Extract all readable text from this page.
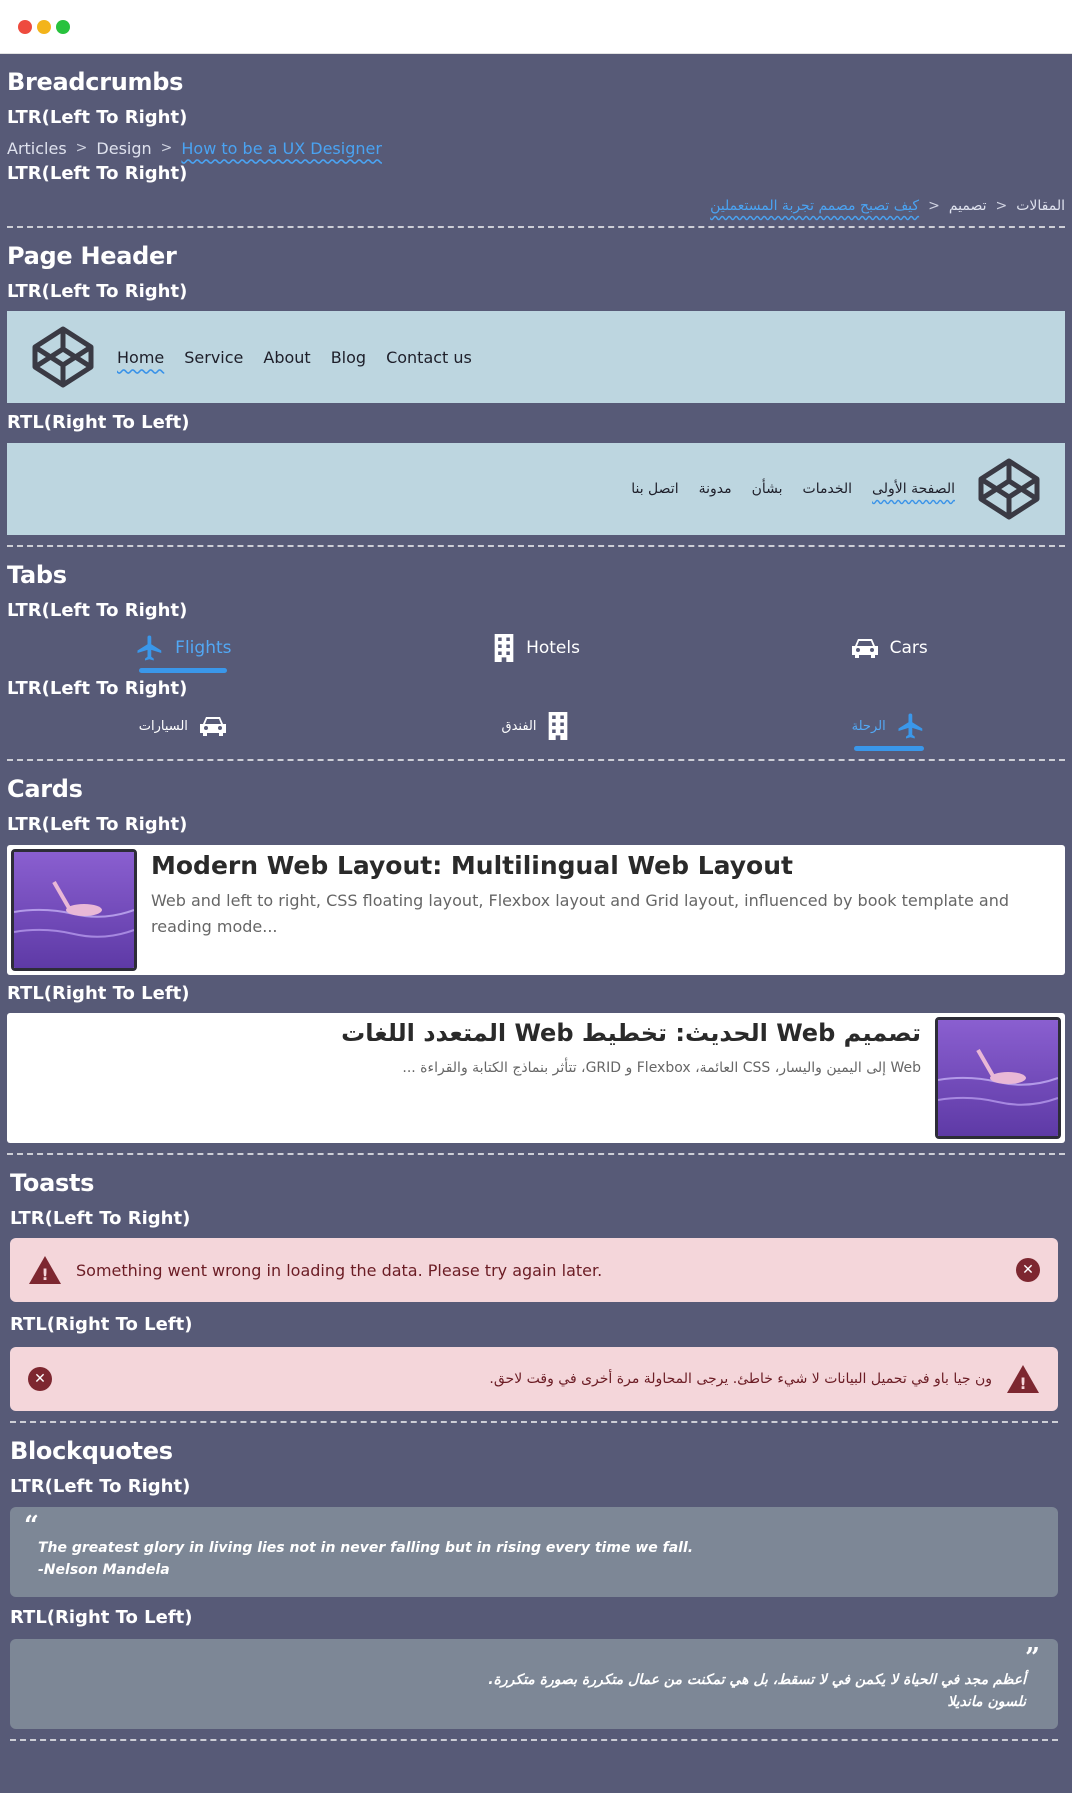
Breadcrumbs

LTR(Left To Right)

Articles > Design > How to be a UX Designer

LTR(Left To Right)

المقالات
<
تصميم
<
كيف تصبح مصمم تجربة المستعملين
Page Header

LTR(Left To Right)

Home Service About Blog Contact us

RTL(Right To Left)

الصفحة الأولى
الخدمات
بشأن
مدونة
اتصل بنا
Tabs

LTR(Left To Right)

Flights	Hotels	Cars

LTR(Left To Right)

الرحلة
الفندق
السيارات
Cards

LTR(Left To Right)

Modern Web Layout: Multilingual Web Layout

Web and left to right, CSS floating layout, Flexbox layout and Grid layout, influenced by book template and reading mode...

RTL(Right To Left)

تصميم Web الحديث: تخطيط Web المتعدد اللغات

Web إلى اليمين واليسار، CSS العائمة، Flexbox و GRID، تتأثر بنماذج الكتابة والقراءة ...

Toasts

LTR(Left To Right)

! Something went wrong in loading the data. Please try again later.	✕

RTL(Right To Left)

!
ون جيا باو في تحميل البيانات لا شيء خاطئ. يرجى المحاولة مرة أخرى في وقت لاحق.
✕
Blockquotes

LTR(Left To Right)

“
The greatest glory in living lies not in never falling but in rising every time we fall.
-Nelson Mandela

RTL(Right To Left)

”
أعظم مجد في الحياة لا يكمن في لا تسقط، بل هي تمكنت من عمال متكررة بصورة متكررة.
نلسون مانديلا
